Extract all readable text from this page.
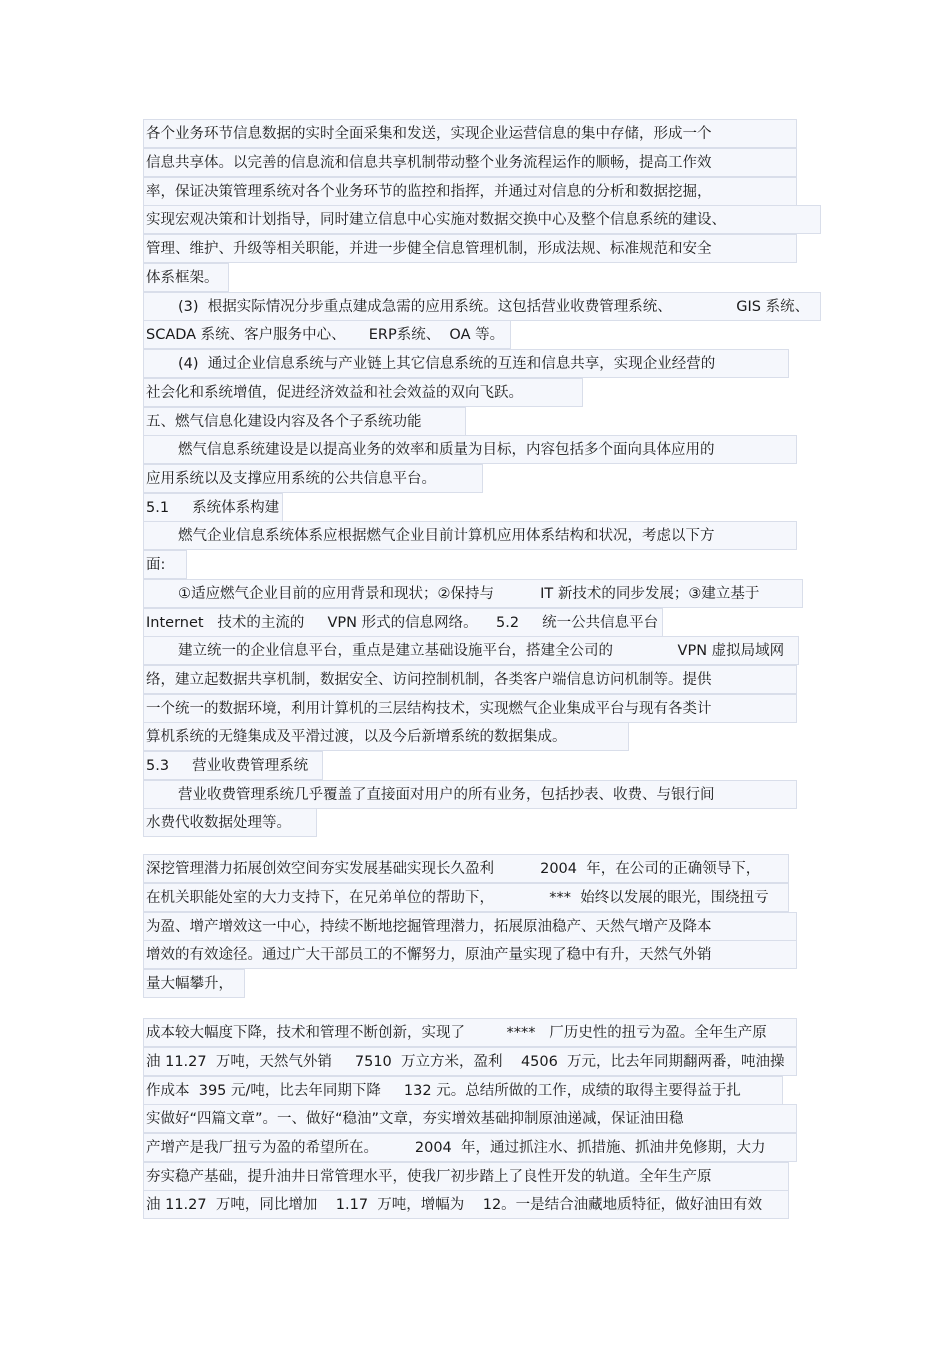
各个业务环节信息数据的实时全面采集和发送，实现企业运营信息的集中存储，形成一个
信息共享体。以完善的信息流和信息共享机制带动整个业务流程运作的顺畅，提高工作效
率，保证决策管理系统对各个业务环节的监控和指挥，并通过对信息的分析和数据挖掘，
实现宏观决策和计划指导，同时建立信息中心实施对数据交换中心及整个信息系统的建设、
管理、维护、升级等相关职能，并进一步健全信息管理机制，形成法规、标准规范和安全
体系框架。
(3)  根据实际情况分步重点建成急需的应用系统。这包括营业收费管理系统、              GIS 系统、
SCADA 系统、客户服务中心、     ERP系统、  OA 等。
(4)  通过企业信息系统与产业链上其它信息系统的互连和信息共享，实现企业经营的
社会化和系统增值，促进经济效益和社会效益的双向飞跃。
五、燃气信息化建设内容及各个子系统功能
燃气信息系统建设是以提高业务的效率和质量为目标，内容包括多个面向具体应用的
应用系统以及支撑应用系统的公共信息平台。
5.1     系统体系构建
燃气企业信息系统体系应根据燃气企业目前计算机应用体系结构和状况，考虑以下方
面:
①适应燃气企业目前的应用背景和现状；②保持与          IT 新技术的同步发展；③建立基于
Internet   技术的主流的     VPN 形式的信息网络。    5.2     统一公共信息平台
建立统一的企业信息平台，重点是建立基础设施平台，搭建全公司的              VPN 虚拟局域网
络，建立起数据共享机制，数据安全、访问控制机制，各类客户端信息访问机制等。提供
一个统一的数据环境，利用计算机的三层结构技术，实现燃气企业集成平台与现有各类计
算机系统的无缝集成及平滑过渡，以及今后新增系统的数据集成。
5.3     营业收费管理系统
营业收费管理系统几乎覆盖了直接面对用户的所有业务，包括抄表、收费、与银行间
水费代收数据处理等。
深挖管理潜力拓展创效空间夯实发展基础实现长久盈利          2004  年，在公司的正确领导下，
在机关职能处室的大力支持下，在兄弟单位的帮助下，            ***  始终以发展的眼光，围绕扭亏
为盈、增产增效这一中心，持续不断地挖掘管理潜力，拓展原油稳产、天然气增产及降本
增效的有效途径。通过广大干部员工的不懈努力，原油产量实现了稳中有升，天然气外销
量大幅攀升，
成本较大幅度下降，技术和管理不断创新，实现了         ****   厂历史性的扭亏为盈。全年生产原
油 11.27  万吨，天然气外销     7510  万立方米，盈利    4506  万元，比去年同期翻两番，吨油操
作成本  395 元/吨，比去年同期下降     132 元。总结所做的工作，成绩的取得主要得益于扎
实做好“四篇文章”。一、做好“稳油”文章，夯实增效基础抑制原油递减，保证油田稳
产增产是我厂扭亏为盈的希望所在。        2004  年，通过抓注水、抓措施、抓油井免修期，大力
夯实稳产基础，提升油井日常管理水平，使我厂初步踏上了良性开发的轨道。全年生产原
油 11.27  万吨，同比增加    1.17  万吨，增幅为    12。一是结合油藏地质特征，做好油田有效
